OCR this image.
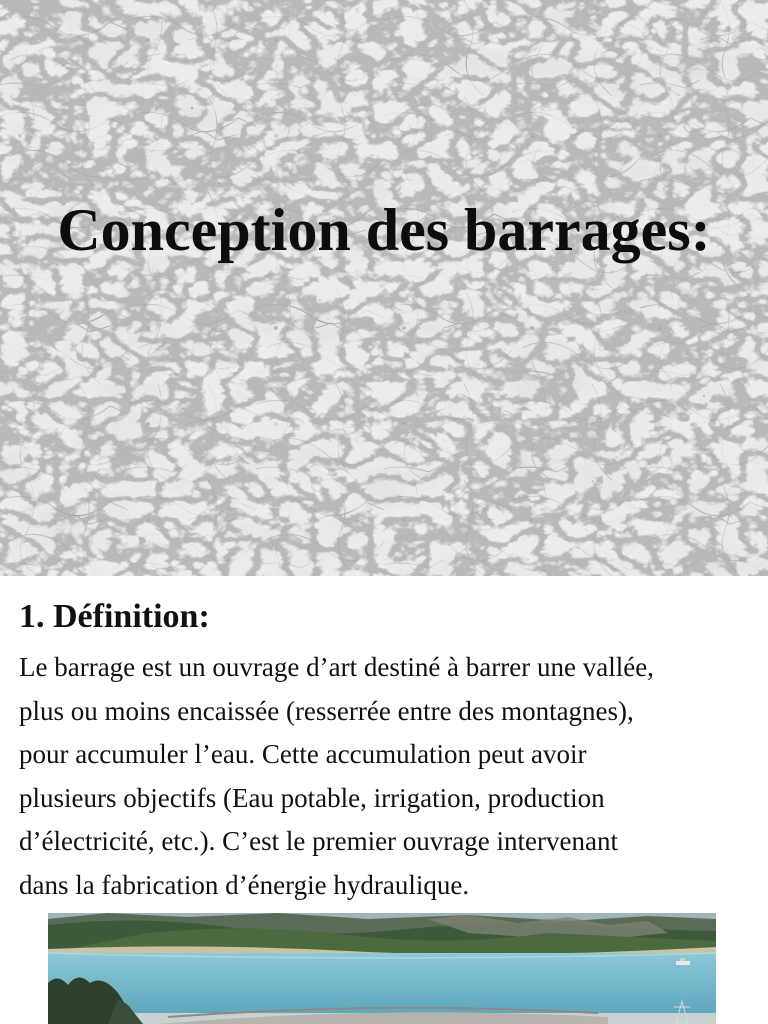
Conception des barrages:
1. Définition:
Le barrage est un ouvrage d’art destiné à barrer une vallée,
plus ou moins encaissée (resserrée entre des montagnes),
pour accumuler l’eau. Cette accumulation peut avoir
plusieurs objectifs (Eau potable, irrigation, production
d’électricité, etc.). C’est le premier ouvrage intervenant
dans la fabrication d’énergie hydraulique.
